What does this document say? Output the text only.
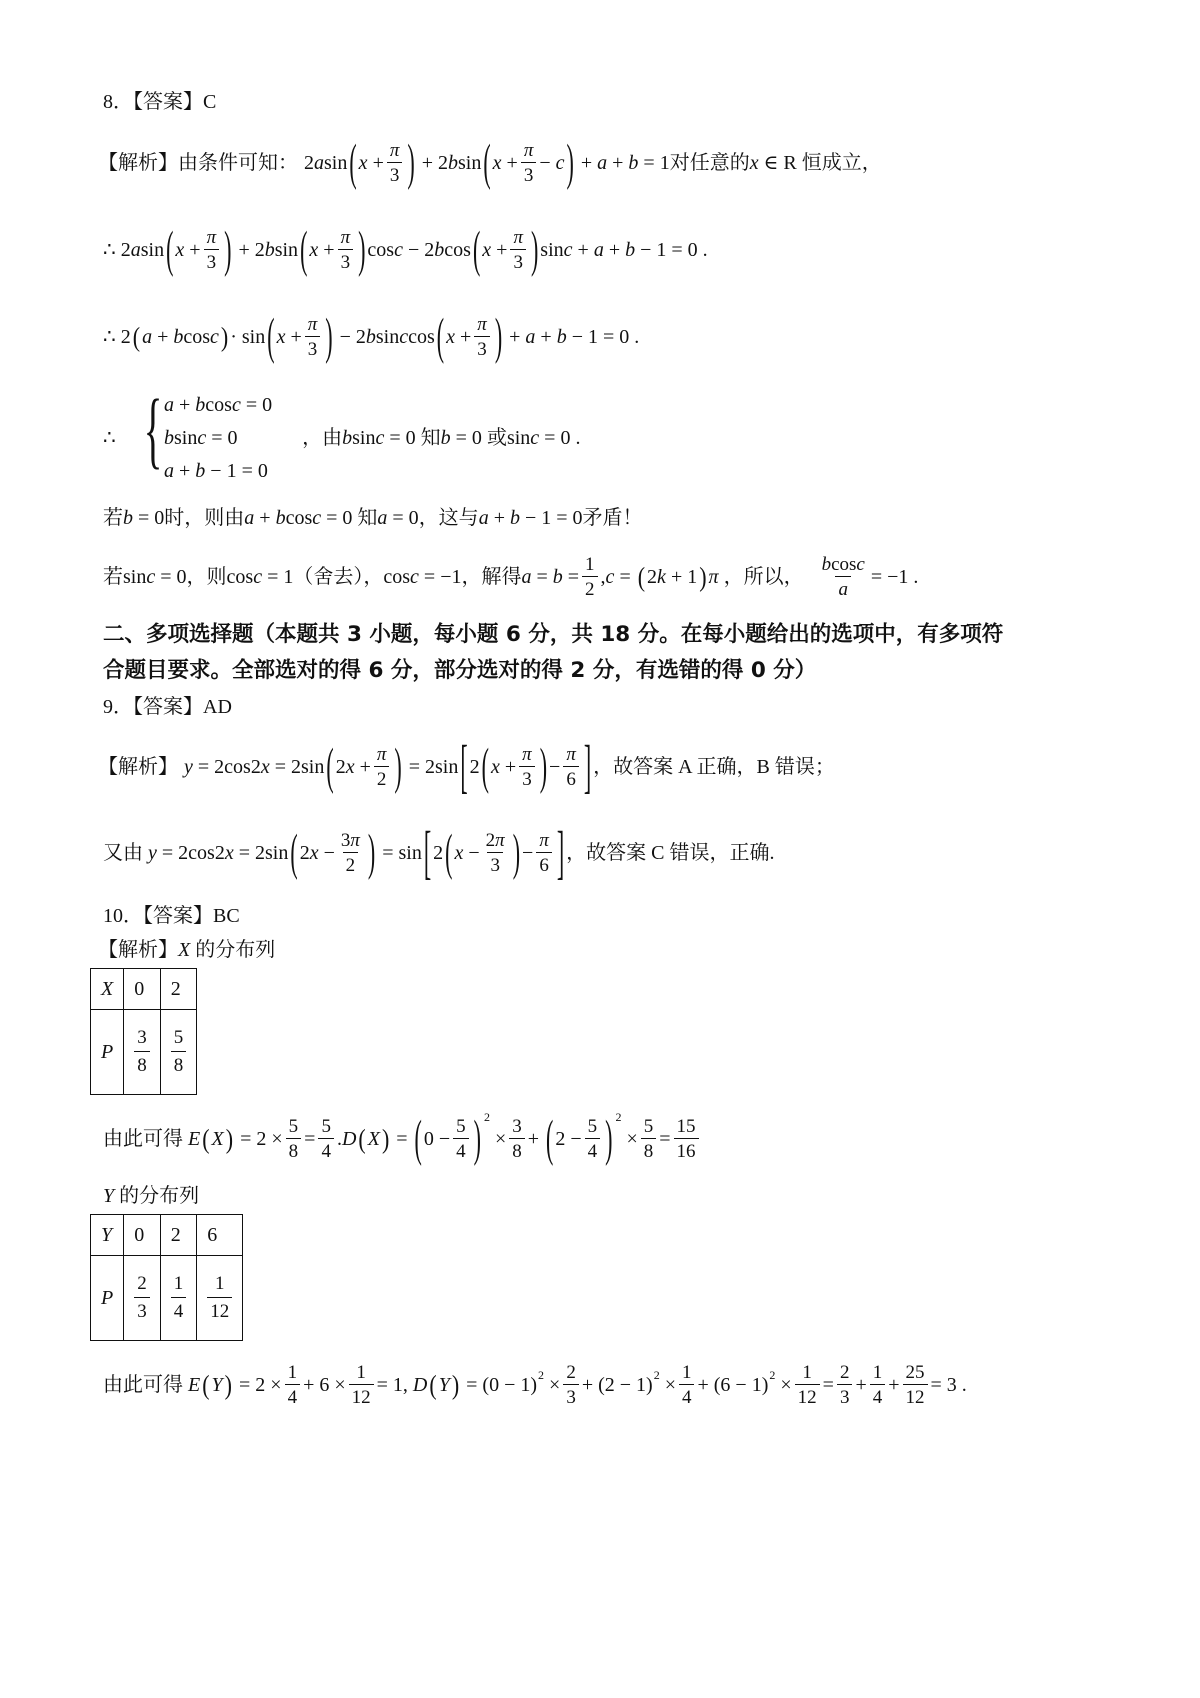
8．【答案】C
【解析】 由条件可知： 2 a sin ( $x + \frac{\pi}{3}$ ) + 2 b sin ( $x + \frac{\pi}{3} - c$ ) + a + b = 1 对任意的 x ∈ R 恒成立，
∴ 2 a sin ( $x + \frac{\pi}{3}$ ) + 2 b sin ( $x + \frac{\pi}{3}$ ) cos c − 2 b cos ( $x + \frac{\pi}{3}$ ) sin c + a + b − 1 = 0 .
∴ 2 ( a + b cos c ) · sin ( $x + \frac{\pi}{3}$ ) − 2 b sin c cos ( $x + \frac{\pi}{3}$ ) + a + b − 1 = 0 .
∴ { a + bcosc = 0
bsinc = 0
a + b − 1 = 0
，由 b sin c = 0 知 b = 0 或 sin c = 0 .
若 b = 0 时，则由 a + b cos c = 0 知 a = 0 ，这与 a + b − 1 = 0 矛盾！
若 sin c = 0 ，则 cos c = 1 （舍去）， cos c = −1 ，解得 $a = b = \frac{1}{2}$ , c = ( 2 k + 1 ) π
，所以， $\frac{bcosc}{a} = -1$ .
二、多项选择题（本题共 3 小题，每小题 6 分，共 18 分。在每小题给出的选项中，有多项符
合题目要求。全部选对的得 6 分，部分选对的得 2 分，有选错的得 0 分）
9．【答案】AD
【解析】 y = 2cos2 x = 2sin ( 2 $x + \frac{\pi}{2}$ ) = 2sin [ 2 ( $x + \frac{\pi}{3}$ ) − $\frac{\pi}{6}$ ] ，故答案 A 正确，B 错误；
又由
y = 2cos2 x = 2sin ( 2 $x - \frac{3\pi}{2}$ ) = sin [ 2 ( $x - \frac{2\pi}{3}$ ) − $\frac{\pi}{6}$ ] ，故答案 C 错误，正确.
10．【答案】BC
【解析】 X
的分布列
X	0	2
P	$\frac{3}{8}$	$\frac{5}{8}$
由此可得
E ( X ) = $2 \times \frac{5}{8} = \frac{5}{4}$ . D ( X ) = ( $0 - \frac{5}{4}$ ) 2
× $\frac{3}{8}$ + ( $2 - \frac{5}{4}$ ) 2
× $\frac{5}{8} = \frac{15}{16}$
Y
的分布列
Y	0	2	6
P	$\frac{2}{3}$	$\frac{1}{4}$	$\frac{1}{12}$
由此可得
E ( Y ) = $2 \times \frac{1}{4} + 6 \times \frac{1}{12} = 1$, D ( Y ) = (0 − 1) $2 \times \frac{2}{3} + (2 - 1) 2 \times \frac{1}{4} + (6 - 1) 2 \times \frac{1}{12} = \frac{2}{3} + \frac{1}{4} + \frac{25}{12} = 3$ .
